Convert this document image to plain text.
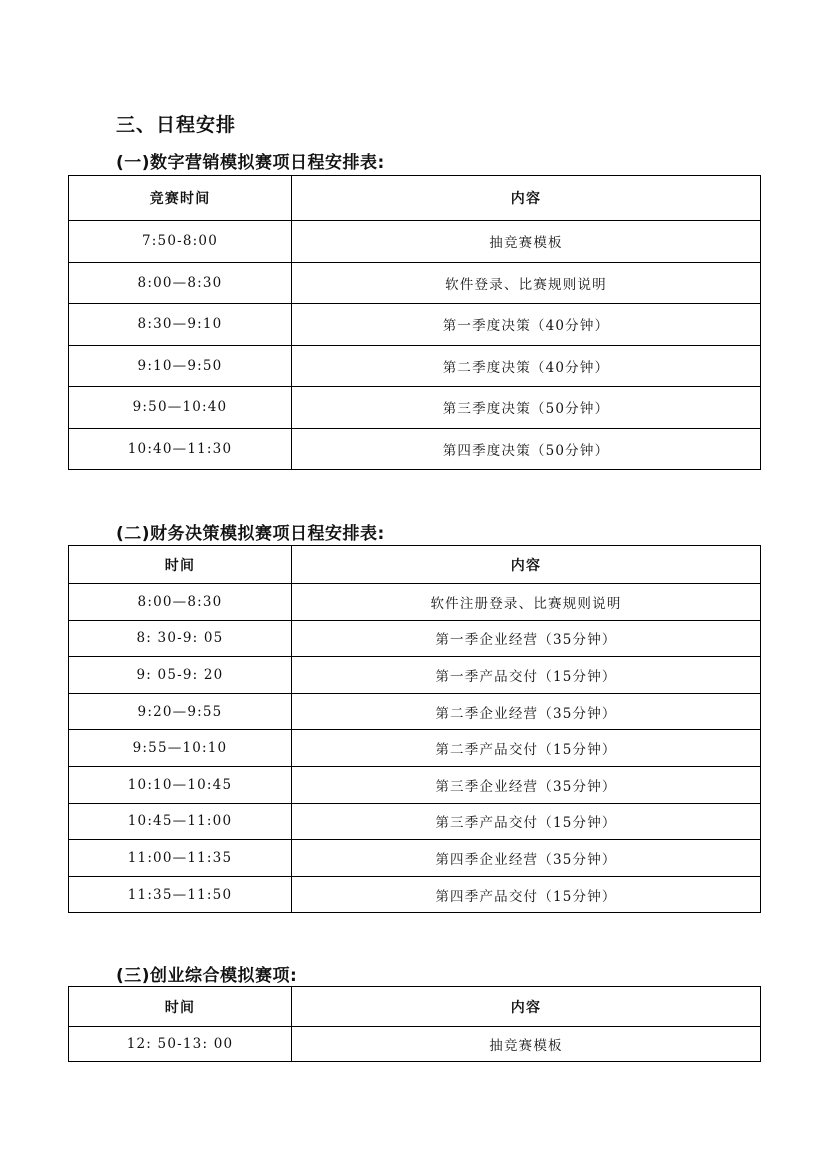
三、日程安排
(一)数字营销模拟赛项日程安排表:
竞赛时间	内容
7:50-8:00	抽竞赛模板
8:00—8:30	软件登录、比赛规则说明
8:30—9:10	第一季度决策（40分钟）
9:10—9:50	第二季度决策（40分钟）
9:50—10:40	第三季度决策（50分钟）
10:40—11:30	第四季度决策（50分钟）
(二)财务决策模拟赛项日程安排表:
时间	内容
8:00—8:30	软件注册登录、比赛规则说明
8: 30-9: 05	第一季企业经营（35分钟）
9: 05-9: 20	第一季产品交付（15分钟）
9:20—9:55	第二季企业经营（35分钟）
9:55—10:10	第二季产品交付（15分钟）
10:10—10:45	第三季企业经营（35分钟）
10:45—11:00	第三季产品交付（15分钟）
11:00—11:35	第四季企业经营（35分钟）
11:35—11:50	第四季产品交付（15分钟）
(三)创业综合模拟赛项:
时间	内容
12: 50-13: 00	抽竞赛模板
